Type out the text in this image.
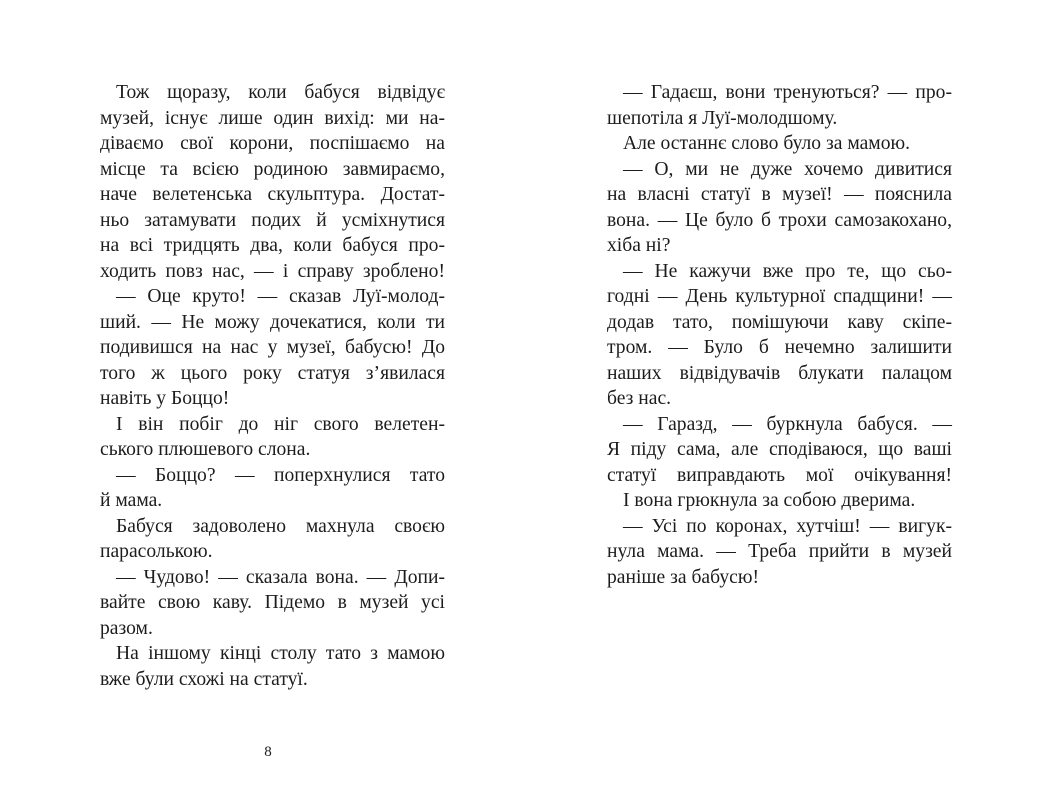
Тож щоразу, коли бабуся відвідує
музей, існує лише один вихід: ми на-
діваємо свої корони, поспішаємо на
місце та всією родиною завмираємо,
наче велетенська скульптура. Достат-
ньо затамувати подих й усміхнутися
на всі тридцять два, коли бабуся про-
ходить повз нас, — і справу зроблено!
— Оце круто! — сказав Луї-молод-
ший. — Не можу дочекатися, коли ти
подивишся на нас у музеї, бабусю! До
того ж цього року статуя з’явилася
навіть у Боццо!
І він побіг до ніг свого велетен-
ського плюшевого слона.
— Боццо? — поперхнулися тато
й мама.
Бабуся задоволено махнула своєю
парасолькою.
— Чудово! — сказала вона. — Допи-
вайте свою каву. Підемо в музей усі
разом.
На іншому кінці столу тато з мамою
вже були схожі на статуї.
8
— Гадаєш, вони тренуються? — про-
шепотіла я Луї-молодшому.
Але останнє слово було за мамою.
— О, ми не дуже хочемо дивитися
на власні статуї в музеї! — пояснила
вона. — Це було б трохи самозакохано,
хіба ні?
— Не кажучи вже про те, що сьо-
годні — День культурної спадщини! —
додав тато, помішуючи каву скіпе-
тром. — Було б нечемно залишити
наших відвідувачів блукати палацом
без нас.
— Гаразд, — буркнула бабуся. —
Я піду сама, але сподіваюся, що ваші
статуї виправдають мої очікування!
І вона грюкнула за собою дверима.
— Усі по коронах, хутчіш! — вигук-
нула мама. — Треба прийти в музей
раніше за бабусю!
